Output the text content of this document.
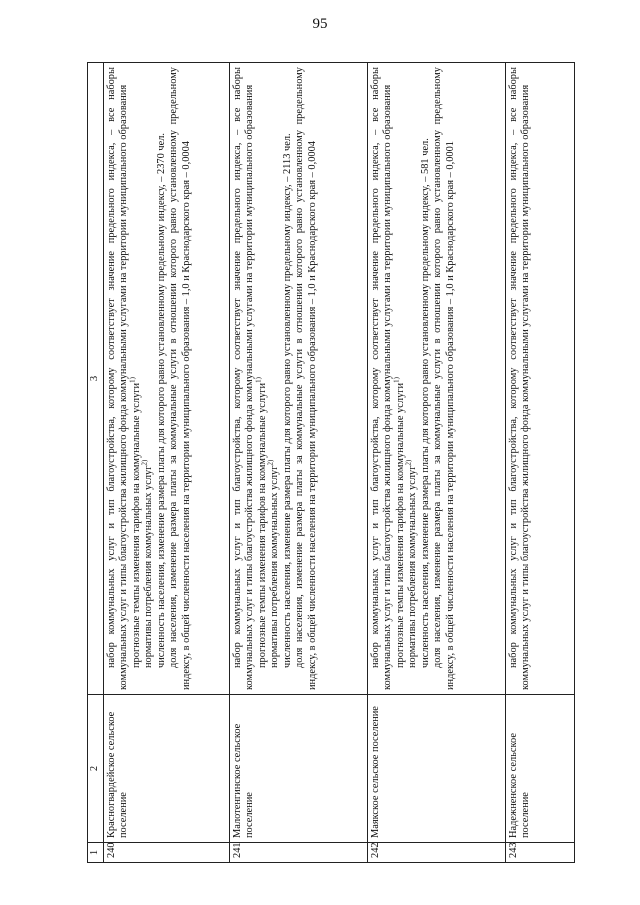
95
1	2	3
240	Красногвардейское сельское поселение	набор коммунальных услуг и тип благоустройства, которому соответствует значение предельного индекса, – все наборы коммунальных услуг и типы благоустройства жилищного фонда коммунальными услугами на территории муниципального образования прогнозные темпы изменения тарифов на коммунальные услуги$^{1)}$

нормативы потребления коммунальных услуг$^{2)}$ численность населения, изменение размера платы для которого равно установленному предельному индексу, – 2370 чел. доля населения, изменение размера платы за коммунальные услуги в отношении которого равно установленному предельному индексу, в общей численности населения на территории муниципального образования – 1,0 и Краснодарского края – 0,0004

241	Малотенгинское сельское поселение	набор коммунальных услуг и тип благоустройства, которому соответствует значение предельного индекса, – все наборы коммунальных услуг и типы благоустройства жилищного фонда коммунальными услугами на территории муниципального образования прогнозные темпы изменения тарифов на коммунальные услуги$^{1)}$

нормативы потребления коммунальных услуг$^{2)}$ численность населения, изменение размера платы для которого равно установленному предельному индексу, – 2113 чел. доля населения, изменение размера платы за коммунальные услуги в отношении которого равно установленному предельному индексу, в общей численности населения на территории муниципального образования – 1,0 и Краснодарского края – 0,0004

242	Маякское сельское поселение	набор коммунальных услуг и тип благоустройства, которому соответствует значение предельного индекса, – все наборы коммунальных услуг и типы благоустройства жилищного фонда коммунальными услугами на территории муниципального образования прогнозные темпы изменения тарифов на коммунальные услуги$^{1)}$

нормативы потребления коммунальных услуг$^{2)}$ численность населения, изменение размера платы для которого равно установленному предельному индексу, – 581 чел. доля населения, изменение размера платы за коммунальные услуги в отношении которого равно установленному предельному индексу, в общей численности населения на территории муниципального образования – 1,0 и Краснодарского края – 0,0001

243	Надежненское сельское поселение	набор коммунальных услуг и тип благоустройства, которому соответствует значение предельного индекса, – все наборы коммунальных услуг и типы благоустройства жилищного фонда коммунальными услугами на территории муниципального образования
